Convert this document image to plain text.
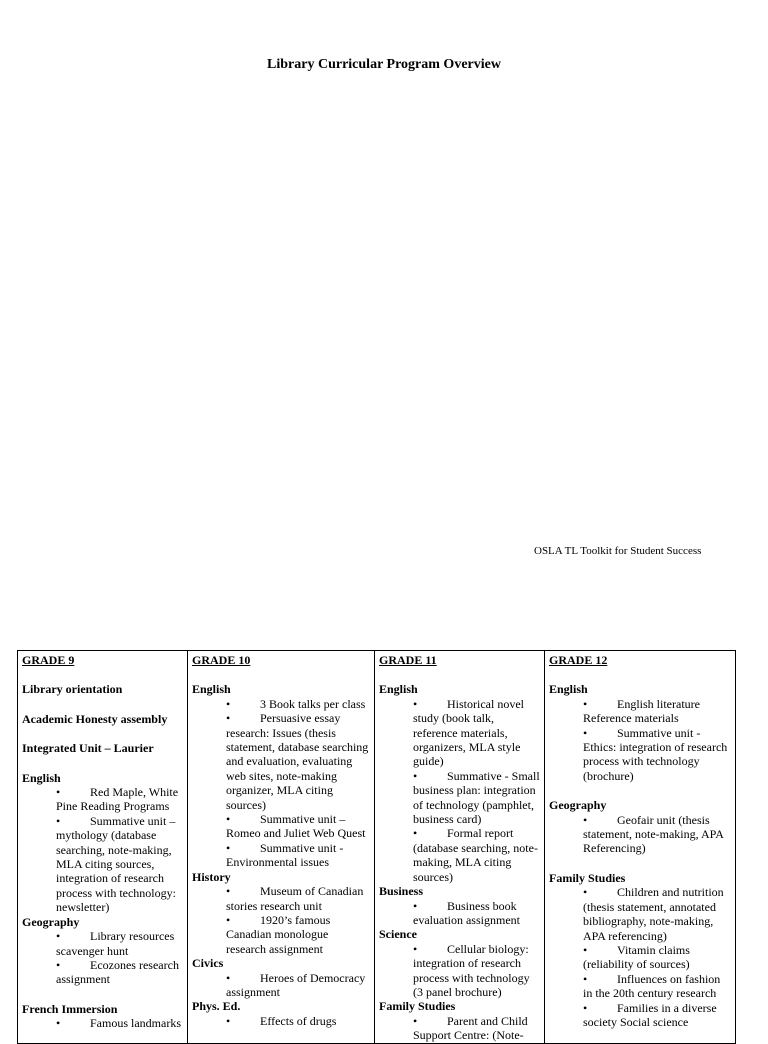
Library Curricular Program Overview
OSLA TL Toolkit for Student Success
GRADE 9
Library orientation
Academic Honesty assembly
Integrated Unit – Laurier
English
• Red Maple, White Pine Reading Programs
• Summative unit – mythology (database searching, note-making, MLA citing sources, integration of research process with technology: newsletter)
Geography
• Library resources scavenger hunt
• Ecozones research assignment
French Immersion
• Famous landmarks

GRADE 10
English
• 3 Book talks per class
• Persuasive essay research: Issues (thesis statement, database searching and evaluation, evaluating web sites, note-making organizer, MLA citing sources)
• Summative unit – Romeo and Juliet Web Quest
• Summative unit - Environmental issues
History
• Museum of Canadian stories research unit
• 1920’s famous Canadian monologue research assignment
Civics
• Heroes of Democracy assignment
Phys. Ed.
• Effects of drugs

GRADE 11
English
• Historical novel study (book talk, reference materials, organizers, MLA style guide)
• Summative - Small business plan: integration of technology (pamphlet, business card)
• Formal report (database searching, note-making, MLA citing sources)
Business
• Business book evaluation assignment
Science
• Cellular biology: integration of research process with technology (3 panel brochure)
Family Studies
• Parent and Child Support Centre: (Note-

GRADE 12
English
• English literature Reference materials
• Summative unit - Ethics: integration of research process with technology (brochure)
Geography
• Geofair unit (thesis statement, note-making, APA Referencing)
Family Studies
• Children and nutrition (thesis statement, annotated bibliography, note-making, APA referencing)
• Vitamin claims (reliability of sources)
• Influences on fashion in the 20th century research
• Families in a diverse society Social science
